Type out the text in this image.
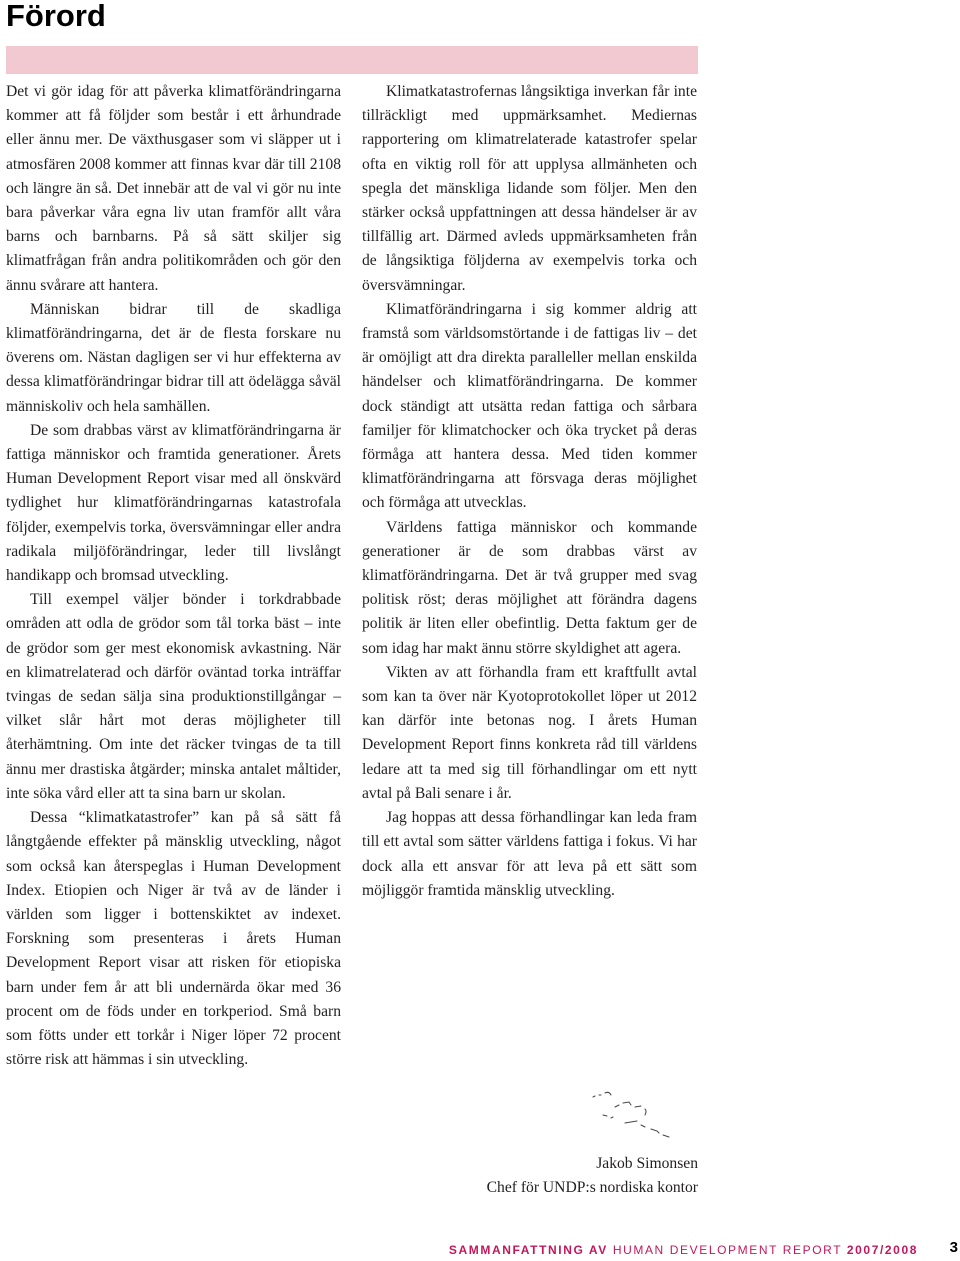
Förord

Det vi gör idag för att påverka klimatförändringarna kommer att få följder som består i ett århundrade eller ännu mer. De växthusgaser som vi släpper ut i atmosfären 2008 kommer att finnas kvar där till 2108 och längre än så. Det innebär att de val vi gör nu inte bara påverkar våra egna liv utan framför allt våra barns och barnbarns. På så sätt skiljer sig klimatfrågan från andra politikområden och gör den ännu svårare att hantera.

Människan bidrar till de skadliga klimatförändringarna, det är de flesta forskare nu överens om. Nästan dagligen ser vi hur effekterna av dessa klimatförändringar bidrar till att ödelägga såväl människoliv och hela samhällen.

De som drabbas värst av klimatförändringarna är fattiga människor och framtida generationer. Årets Human Development Report visar med all önskvärd tydlighet hur klimatförändringarnas katastrofala följder, exempelvis torka, översvämningar eller andra radikala miljöförändringar, leder till livslångt handikapp och bromsad utveckling.

Till exempel väljer bönder i torkdrabbade områden att odla de grödor som tål torka bäst – inte de grödor som ger mest ekonomisk avkastning. När en klimatrelaterad och därför oväntad torka inträffar tvingas de sedan sälja sina produktionstillgångar – vilket slår hårt mot deras möjligheter till återhämtning. Om inte det räcker tvingas de ta till ännu mer drastiska åtgärder; minska antalet måltider, inte söka vård eller att ta sina barn ur skolan.

Dessa “klimatkatastrofer” kan på så sätt få långtgående effekter på mänsklig utveckling, något som också kan återspeglas i Human Development Index. Etiopien och Niger är två av de länder i världen som ligger i bottenskiktet av indexet. Forskning som presenteras i årets Human Development Report visar att risken för etiopiska barn under fem år att bli undernärda ökar med 36 procent om de föds under en torkperiod. Små barn som fötts under ett torkår i Niger löper 72 procent större risk att hämmas i sin utveckling.

Klimatkatastrofernas långsiktiga inverkan får inte tillräckligt med uppmärksamhet. Mediernas rapportering om klimatrelaterade katastrofer spelar ofta en viktig roll för att upplysa allmänheten och spegla det mänskliga lidande som följer. Men den stärker också uppfattningen att dessa händelser är av tillfällig art. Därmed avleds uppmärksamheten från de långsiktiga följderna av exempelvis torka och översvämningar.

Klimatförändringarna i sig kommer aldrig att framstå som världsomstörtande i de fattigas liv – det är omöjligt att dra direkta paralleller mellan enskilda händelser och klimatförändringarna. De kommer dock ständigt att utsätta redan fattiga och sårbara familjer för klimatchocker och öka trycket på deras förmåga att hantera dessa. Med tiden kommer klimatförändringarna att försvaga deras möjlighet och förmåga att utvecklas.

Världens fattiga människor och kommande generationer är de som drabbas värst av klimatförändringarna. Det är två grupper med svag politisk röst; deras möjlighet att förändra dagens politik är liten eller obefintlig. Detta faktum ger de som idag har makt ännu större skyldighet att agera.

Vikten av att förhandla fram ett kraftfullt avtal som kan ta över när Kyotoprotokollet löper ut 2012 kan därför inte betonas nog. I årets Human Development Report finns konkreta råd till världens ledare att ta med sig till förhandlingar om ett nytt avtal på Bali senare i år.

Jag hoppas att dessa förhandlingar kan leda fram till ett avtal som sätter världens fattiga i fokus. Vi har dock alla ett ansvar för att leva på ett sätt som möjliggör framtida mänsklig utveckling.

Jakob Simonsen
Chef för UNDP:s nordiska kontor
SAMMANFATTNING AV HUMAN DEVELOPMENT REPORT 2007/2008 3
